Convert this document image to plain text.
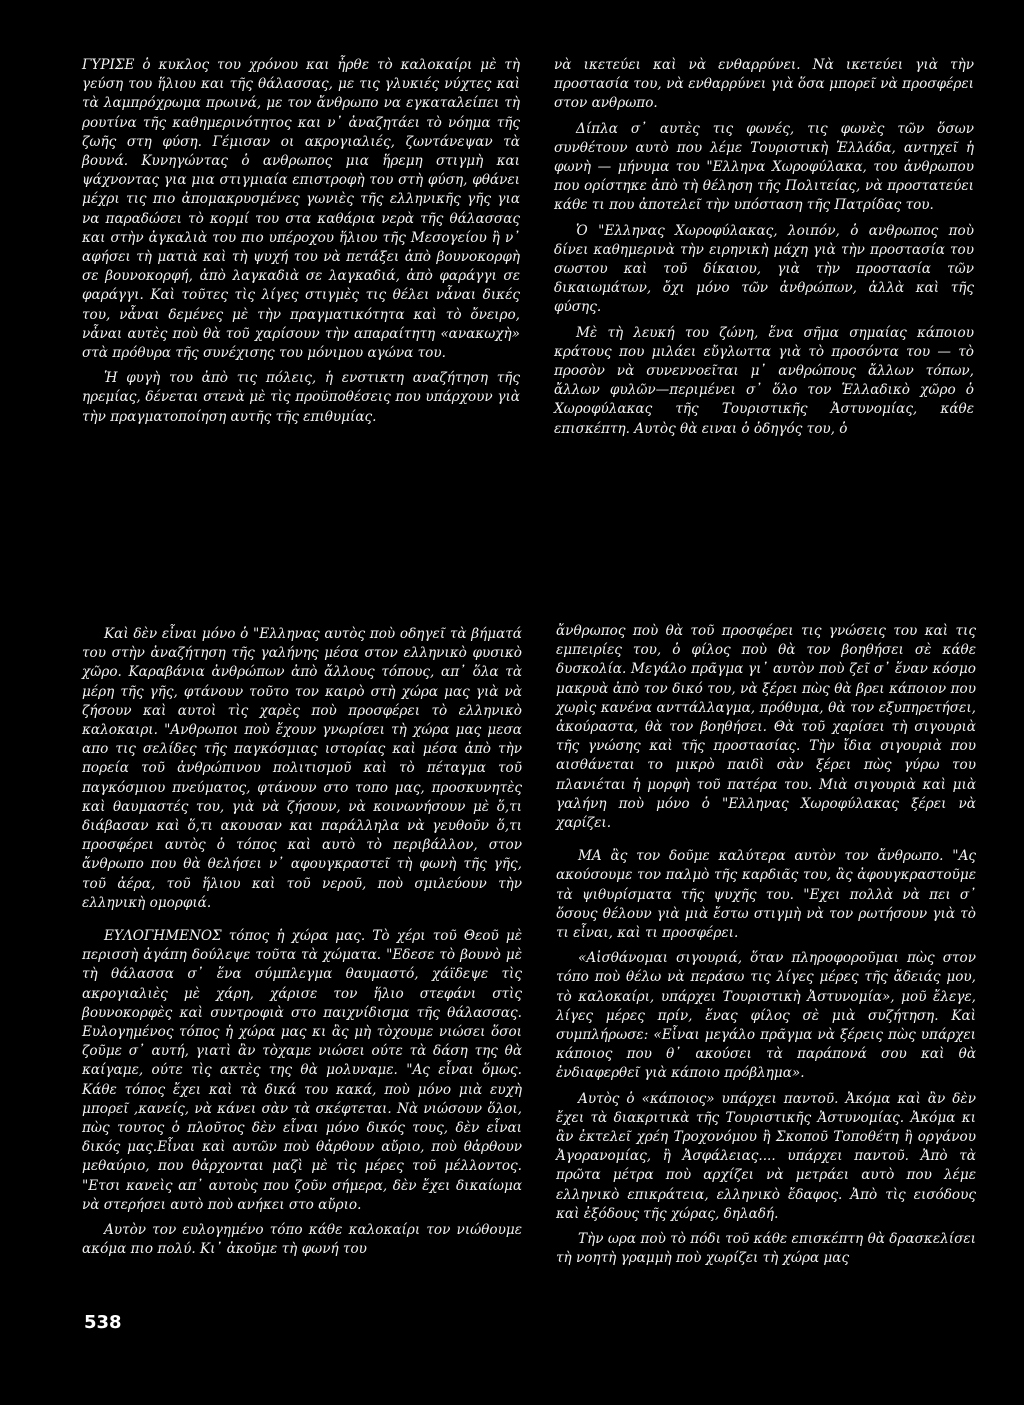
ΓΥΡΙΣΕ ὁ κυκλος του χρόνου και ἦρθε τὸ καλοκαίρι μὲ τὴ γεύση του ἥλιου και τῆς θάλασσας, με τις γλυκιές νύχτες καὶ τὰ λαμπρόχρωμα πρωινά, με τον ἄνθρωπο να εγκαταλείπει τὴ ρουτίνα τῆς καθημερινότητος και ν᾽ ἀναζητάει τὸ νόημα τῆς ζωῆς στη φύση. Γέμισαν οι ακρογιαλιές, ζωντάνεψαν τὰ βουνά. Κυνηγώντας ὁ ανθρωπος μια ἥρεμη στιγμὴ και ψάχνοντας για μια στιγμιαία επιστροφὴ του στὴ φύση, φθάνει μέχρι τις πιο ἀπομακρυσμένες γωνιὲς τῆς ελληνικῆς γῆς για να παραδώσει τὸ κορμί του στα καθάρια νερὰ τῆς θάλασσας και στὴν ἀγκαλιὰ του πιο υπέροχου ἥλιου τῆς Μεσογείου ἢ ν᾽ αφήσει τὴ ματιὰ καὶ τὴ ψυχή του νὰ πετάξει ἀπὸ βουνοκορφὴ σε βουνοκορφή, ἀπὸ λαγκαδιὰ σε λαγκαδιά, ἀπὸ φαράγγι σε φαράγγι. Καὶ τοῦτες τὶς λίγες στιγμὲς τις θέλει νἆναι δικές του, νἆναι δεμένες μὲ τὴν πραγματικότητα καὶ τὸ ὄνειρο, νἆναι αυτὲς ποὺ θὰ τοῦ χαρίσουν τὴν απαραίτητη «ανακωχὴ» στὰ πρόθυρα τῆς συνέχισης του μόνιμου αγώνα του.

Ἡ φυγὴ του ἀπὸ τις πόλεις, ἡ ενστικτη αναζήτηση τῆς ηρεμίας, δένεται στενὰ μὲ τὶς προϋποθέσεις που υπάρχουν γιὰ τὴν πραγματοποίηση αυτῆς τῆς επιθυμίας.

νὰ ικετεύει καὶ νὰ ενθαρρύνει. Νὰ ικετεύει γιὰ τὴν προστασία του, νὰ ενθαρρύνει γιὰ ὅσα μπορεῖ νὰ προσφέρει στον ανθρωπο.

Δίπλα σ᾽ αυτὲς τις φωνές, τις φωνὲς τῶν ὅσων συνθέτουν αυτὸ που λέμε Τουριστικὴ Ἑλλάδα, αντηχεῖ ἡ φωνὴ — μήνυμα του "Ελληνα Χωροφύλακα, του ἀνθρωπου που ορίστηκε ἀπὸ τὴ θέληση τῆς Πολιτείας, νὰ προστατεύει κάθε τι που ἀποτελεῖ τὴν υπόσταση τῆς Πατρίδας του.

Ὁ "Ελληνας Χωροφύλακας, λοιπόν, ὁ ανθρωπος ποὺ δίνει καθημερινὰ τὴν ειρηνικὴ μάχη γιὰ τὴν προστασία του σωστου καὶ τοῦ δίκαιου, γιὰ τὴν προστασία τῶν δικαιωμάτων, ὄχι μόνο τῶν ἀνθρώπων, ἀλλὰ καὶ τῆς φύσης.

Μὲ τὴ λευκή του ζώνη, ἕνα σῆμα σημαίας κάποιου κράτους που μιλάει εὔγλωττα γιὰ τὸ προσόντα του — τὸ προσὸν νὰ συνεννοεῖται μ᾽ ανθρώπους ἄλλων τόπων, ἄλλων φυλῶν—περιμένει σ᾽ ὅλο τον Ἑλλαδικὸ χῶρο ὁ Χωροφύλακας τῆς Τουριστικῆς Ἀστυνομίας, κάθε επισκέπτη. Αυτὸς θὰ ειναι ὁ ὁδηγός του, ὁ

Καὶ δὲν εἶναι μόνο ὁ "Ελληνας αυτὸς ποὺ οδηγεῖ τὰ βήματά του στὴν ἀναζήτηση τῆς γαλήνης μέσα στον ελληνικὸ φυσικὸ χῶρο. Καραβάνια ἀνθρώπων ἀπὸ ἄλλους τόπους, απ᾽ ὅλα τὰ μέρη τῆς γῆς, φτάνουν τοῦτο τον καιρὸ στὴ χώρα μας γιὰ νὰ ζήσουν καὶ αυτοὶ τὶς χαρὲς ποὺ προσφέρει τὸ ελληνικὸ καλοκαιρι. "Ανθρωποι ποὺ ἔχουν γνωρίσει τὴ χώρα μας μεσα απο τις σελίδες τῆς παγκόσμιας ιστορίας καὶ μέσα ἀπὸ τὴν πορεία τοῦ ἀνθρώπινου πολιτισμοῦ καὶ τὸ πέταγμα τοῦ παγκόσμιου πνεύματος, φτάνουν στο τοπο μας, προσκυνητὲς καὶ θαυμαστές του, γιὰ νὰ ζήσουν, νὰ κοινωνήσουν μὲ ὅ,τι διάβασαν καὶ ὅ,τι ακουσαν και παράλληλα νὰ γευθοῦν ὅ,τι προσφέρει αυτὸς ὁ τόπος καὶ αυτὸ τὸ περιβάλλον, στον ἄνθρωπο που θὰ θελήσει ν᾽ αφουγκραστεῖ τὴ φωνὴ τῆς γῆς, τοῦ ἀέρα, τοῦ ἥλιου καὶ τοῦ νεροῦ, ποὺ σμιλεύουν τὴν ελληνικὴ ομορφιά.

ΕΥΛΟΓΗΜΕΝΟΣ τόπος ἡ χώρα μας. Τὸ χέρι τοῦ Θεοῦ μὲ περισσὴ ἀγάπη δούλεψε τοῦτα τὰ χώματα. "Εδεσε τὸ βουνὸ μὲ τὴ θάλασσα σ᾽ ἕνα σύμπλεγμα θαυμαστό, χάϊδεψε τὶς ακρογιαλιὲς μὲ χάρη, χάρισε τον ἥλιο στεφάνι στὶς βουνοκορφὲς καὶ συντροφιὰ στο παιχνίδισμα τῆς θάλασσας. Ευλογημένος τόπος ἡ χώρα μας κι ἂς μὴ τὸχουμε νιώσει ὅσοι ζοῦμε σ᾽ αυτή, γιατὶ ἂν τὸχαμε νιώσει ούτε τὰ δάση της θὰ καίγαμε, ούτε τὶς ακτὲς της θὰ μολυναμε. "Ας εἶναι ὅμως. Κάθε τόπος ἔχει καὶ τὰ δικά του κακά, ποὺ μόνο μιὰ ευχὴ μπορεῖ ,κανείς, νὰ κάνει σὰν τὰ σκέφτεται. Νὰ νιώσουν ὅλοι, πὼς τουτος ὁ πλοῦτος δὲν εἶναι μόνο δικός τους, δὲν εἶναι δικός μας.Εἶναι καὶ αυτῶν ποὺ θἀρθουν αὔριο, ποὺ θἀρθουν μεθαύριο, που θἀρχονται μαζὶ μὲ τὶς μέρες τοῦ μέλλοντος. "Ετσι κανεὶς απ᾽ αυτοὺς που ζοῦν σήμερα, δὲν ἔχει δικαίωμα νὰ στερήσει αυτὸ ποὺ ανήκει στο αὔριο.

Αυτὸν τον ευλογημένο τόπο κάθε καλοκαίρι τον νιώθουμε ακόμα πιο πολύ. Κι᾽ ἀκοῦμε τὴ φωνή του

ἄνθρωπος ποὺ θὰ τοῦ προσφέρει τις γνώσεις του καὶ τις εμπειρίες του, ὁ φίλος ποὺ θὰ τον βοηθήσει σὲ κάθε δυσκολία. Μεγάλο πρᾶγμα γι᾽ αυτὸν ποὺ ζεῖ σ᾽ ἕναν κόσμο μακρυὰ ἀπὸ τον δικό του, νὰ ξέρει πὼς θὰ βρει κάποιον που χωρὶς κανένα ανττάλλαγμα, πρόθυμα, θὰ τον εξυπηρετήσει, ἀκούραστα, θὰ τον βοηθήσει. Θὰ τοῦ χαρίσει τὴ σιγουριὰ τῆς γνώσης καὶ τῆς προστασίας. Τὴν ἴδια σιγουριὰ που αισθάνεται το μικρὸ παιδὶ σὰν ξέρει πὼς γύρω του πλανιέται ἡ μορφὴ τοῦ πατέρα του. Μιὰ σιγουριὰ καὶ μιὰ γαλήνη ποὺ μόνο ὁ "Ελληνας Χωροφύλακας ξέρει νὰ χαρίζει.

ΜΑ ἂς τον δοῦμε καλύτερα αυτὸν τον ἄνθρωπο. "Ας ακούσουμε τον παλμὸ τῆς καρδιᾶς του, ἂς ἀφουγκραστοῦμε τὰ ψιθυρίσματα τῆς ψυχῆς του. "Εχει πολλὰ νὰ πει σ᾽ ὅσους θέλουν γιὰ μιὰ ἔστω στιγμὴ νὰ τον ρωτήσουν γιὰ τὸ τι εἶναι, καὶ τι προσφέρει.

«Αἰσθάνομαι σιγουριά, ὅταν πληροφοροῦμαι πὼς στον τόπο ποὺ θέλω νὰ περάσω τις λίγες μέρες τῆς ἄδειάς μου, τὸ καλοκαίρι, υπάρχει Τουριστικὴ Ἀστυνομία», μοῦ ἔλεγε, λίγες μέρες πρίν, ἕνας φίλος σὲ μιὰ συζήτηση. Καὶ συμπλήρωσε: «Εἶναι μεγάλο πρᾶγμα νὰ ξέρεις πὼς υπάρχει κάποιος που θ᾽ ακούσει τὰ παράπονά σου καὶ θὰ ἐνδιαφερθεῖ γιὰ κάποιο πρόβλημα».

Αυτὸς ὁ «κάποιος» υπάρχει παντοῦ. Ἀκόμα καὶ ἂν δὲν ἔχει τὰ διακριτικὰ τῆς Τουριστικῆς Ἀστυνομίας. Ἀκόμα κι ἂν ἐκτελεῖ χρέη Τροχονόμου ἢ Σκοποῦ Τοποθέτη ἢ οργάνου Ἀγορανομίας, ἢ Ἀσφάλειας.... υπάρχει παντοῦ. Ἀπὸ τὰ πρῶτα μέτρα ποὺ αρχίζει νὰ μετράει αυτὸ που λέμε ελληνικὸ επικράτεια, ελληνικὸ ἔδαφος. Ἀπὸ τὶς εισόδους καὶ ἐξόδους τῆς χώρας, δηλαδή.

Τὴν ωρα ποὺ τὸ πόδι τοῦ κάθε επισκέπτη θὰ δρασκελίσει τὴ νοητὴ γραμμὴ ποὺ χωρίζει τὴ χώρα μας

538
